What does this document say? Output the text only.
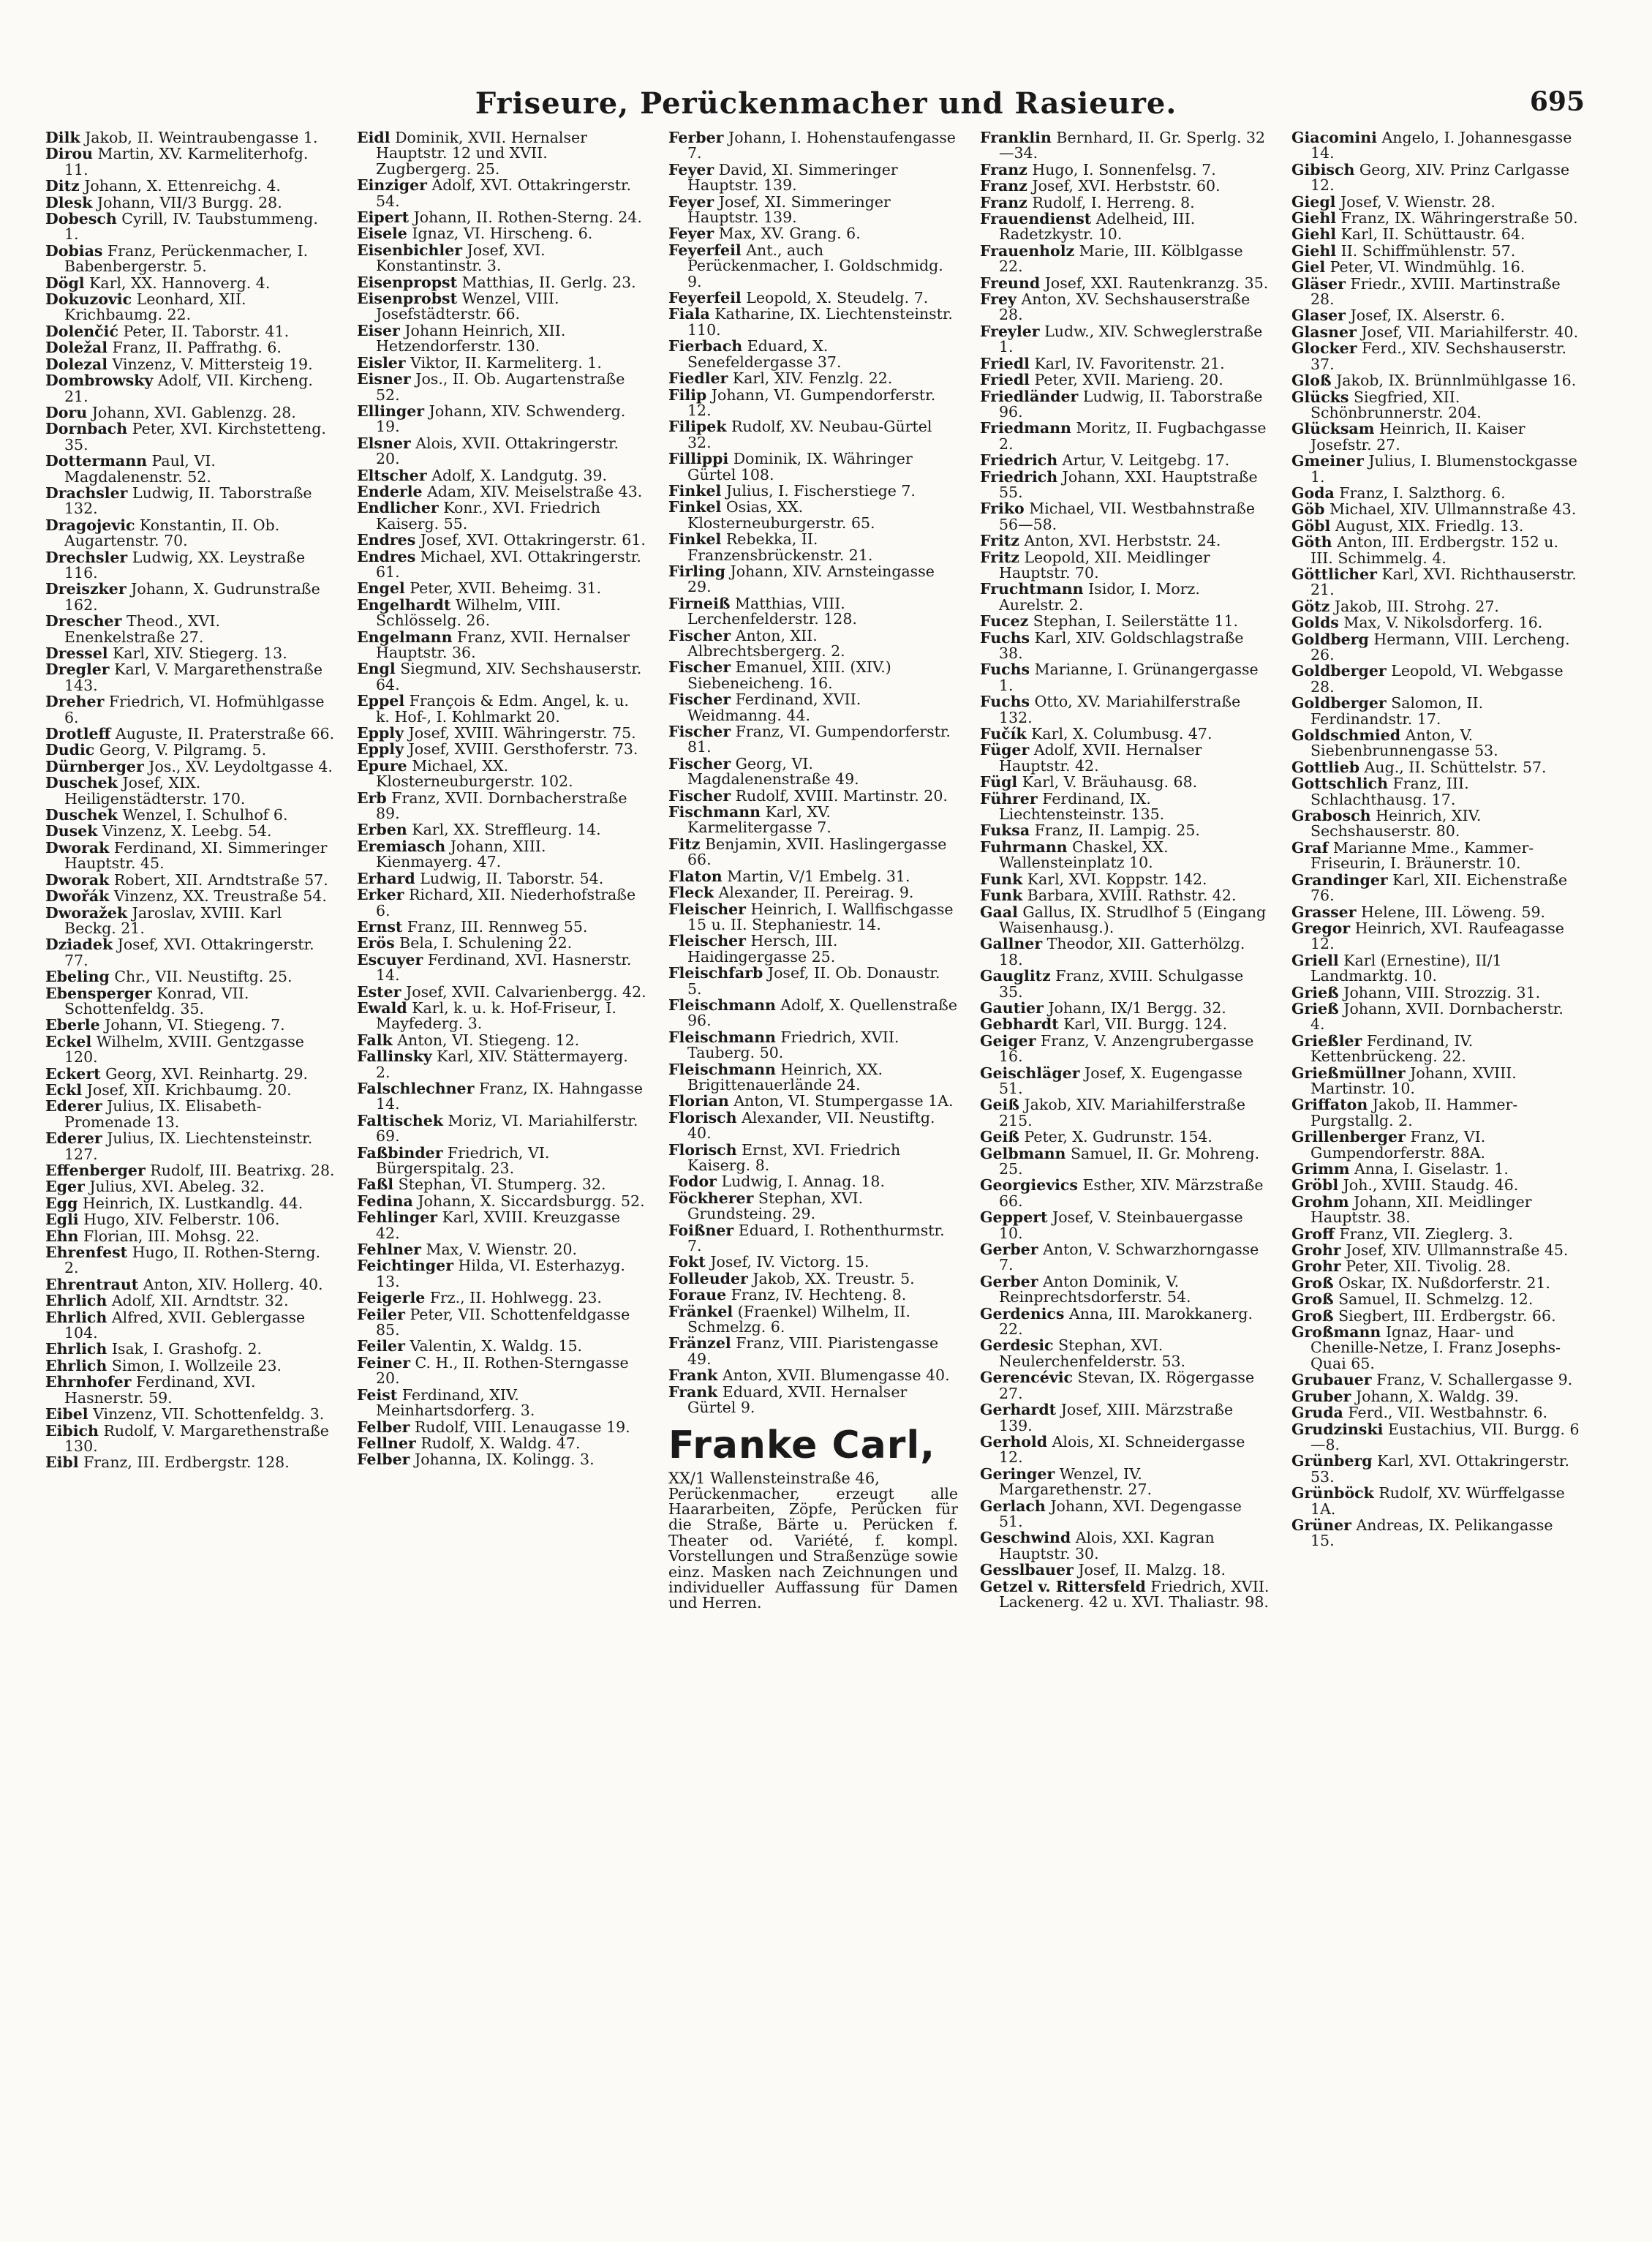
Friseure, Perückenmacher und Rasieure.	695
Dilk Jakob, II. Weintraubengasse 1.
Dirou Martin, XV. Karmeliterhofg. 11.
Ditz Johann, X. Ettenreichg. 4.
Dlesk Johann, VII/3 Burgg. 28.
Dobesch Cyrill, IV. Taubstummeng. 1.
Dobias Franz, Perückenmacher, I. Babenbergerstr. 5.
Dögl Karl, XX. Hannoverg. 4.
Dokuzovic Leonhard, XII. Krichbaumg. 22.
Dolenčić Peter, II. Taborstr. 41.
Doležal Franz, II. Paffrathg. 6.
Dolezal Vinzenz, V. Mittersteig 19.
Dombrowsky Adolf, VII. Kircheng. 21.
Doru Johann, XVI. Gablenzg. 28.
Dornbach Peter, XVI. Kirchstetteng. 35.
Dottermann Paul, VI. Magdalenenstr. 52.
Drachsler Ludwig, II. Taborstraße 132.
Dragojevic Konstantin, II. Ob. Augartenstr. 70.
Drechsler Ludwig, XX. Leystraße 116.
Dreiszker Johann, X. Gudrunstraße 162.
Drescher Theod., XVI. Enenkelstraße 27.
Dressel Karl, XIV. Stiegerg. 13.
Dregler Karl, V. Margarethenstraße 143.
Dreher Friedrich, VI. Hofmühlgasse 6.
Drotleff Auguste, II. Praterstraße 66.
Dudic Georg, V. Pilgramg. 5.
Dürnberger Jos., XV. Leydoltgasse 4.
Duschek Josef, XIX. Heiligenstädterstr. 170.
Duschek Wenzel, I. Schulhof 6.
Dusek Vinzenz, X. Leebg. 54.
Dworak Ferdinand, XI. Simmeringer Hauptstr. 45.
Dworak Robert, XII. Arndtstraße 57.
Dwořák Vinzenz, XX. Treustraße 54.
Dworažek Jaroslav, XVIII. Karl Beckg. 21.
Dziadek Josef, XVI. Ottakringerstr. 77.
Ebeling Chr., VII. Neustiftg. 25.
Ebensperger Konrad, VII. Schottenfeldg. 35.
Eberle Johann, VI. Stiegeng. 7.
Eckel Wilhelm, XVIII. Gentzgasse 120.
Eckert Georg, XVI. Reinhartg. 29.
Eckl Josef, XII. Krichbaumg. 20.
Ederer Julius, IX. Elisabeth-Promenade 13.
Ederer Julius, IX. Liechtensteinstr. 127.
Effenberger Rudolf, III. Beatrixg. 28.
Eger Julius, XVI. Abeleg. 32.
Egg Heinrich, IX. Lustkandlg. 44.
Egli Hugo, XIV. Felberstr. 106.
Ehn Florian, III. Mohsg. 22.
Ehrenfest Hugo, II. Rothen-Sterng. 2.
Ehrentraut Anton, XIV. Hollerg. 40.
Ehrlich Adolf, XII. Arndtstr. 32.
Ehrlich Alfred, XVII. Geblergasse 104.
Ehrlich Isak, I. Grashofg. 2.
Ehrlich Simon, I. Wollzeile 23.
Ehrnhofer Ferdinand, XVI. Hasnerstr. 59.
Eibel Vinzenz, VII. Schottenfeldg. 3.
Eibich Rudolf, V. Margarethenstraße 130.
Eibl Franz, III. Erdbergstr. 128.
Eidl Dominik, XVII. Hernalser Hauptstr. 12 und XVII. Zugbergerg. 25.
Einziger Adolf, XVI. Ottakringerstr. 54.
Eipert Johann, II. Rothen-Sterng. 24.
Eisele Ignaz, VI. Hirscheng. 6.
Eisenbichler Josef, XVI. Konstantinstr. 3.
Eisenpropst Matthias, II. Gerlg. 23.
Eisenprobst Wenzel, VIII. Josefstädterstr. 66.
Eiser Johann Heinrich, XII. Hetzendorferstr. 130.
Eisler Viktor, II. Karmeliterg. 1.
Eisner Jos., II. Ob. Augartenstraße 52.
Ellinger Johann, XIV. Schwenderg. 19.
Elsner Alois, XVII. Ottakringerstr. 20.
Eltscher Adolf, X. Landgutg. 39.
Enderle Adam, XIV. Meiselstraße 43.
Endlicher Konr., XVI. Friedrich Kaiserg. 55.
Endres Josef, XVI. Ottakringerstr. 61.
Endres Michael, XVI. Ottakringerstr. 61.
Engel Peter, XVII. Beheimg. 31.
Engelhardt Wilhelm, VIII. Schlösselg. 26.
Engelmann Franz, XVII. Hernalser Hauptstr. 36.
Engl Siegmund, XIV. Sechshauserstr. 64.
Eppel François & Edm. Angel, k. u. k. Hof-, I. Kohlmarkt 20.
Epply Josef, XVIII. Währingerstr. 75.
Epply Josef, XVIII. Gersthoferstr. 73.
Epure Michael, XX. Klosterneuburgerstr. 102.
Erb Franz, XVII. Dornbacherstraße 89.
Erben Karl, XX. Streffleurg. 14.
Eremiasch Johann, XIII. Kienmayerg. 47.
Erhard Ludwig, II. Taborstr. 54.
Erker Richard, XII. Niederhofstraße 6.
Ernst Franz, III. Rennweg 55.
Erös Bela, I. Schulening 22.
Escuyer Ferdinand, XVI. Hasnerstr. 14.
Ester Josef, XVII. Calvarienbergg. 42.
Ewald Karl, k. u. k. Hof-Friseur, I. Mayfederg. 3.
Falk Anton, VI. Stiegeng. 12.
Fallinsky Karl, XIV. Stättermayerg. 2.
Falschlechner Franz, IX. Hahngasse 14.
Faltischek Moriz, VI. Mariahilferstr. 69.
Faßbinder Friedrich, VI. Bürgerspitalg. 23.
Faßl Stephan, VI. Stumperg. 32.
Fedina Johann, X. Siccardsburgg. 52.
Fehlinger Karl, XVIII. Kreuzgasse 42.
Fehlner Max, V. Wienstr. 20.
Feichtinger Hilda, VI. Esterhazyg. 13.
Feigerle Frz., II. Hohlwegg. 23.
Feiler Peter, VII. Schottenfeldgasse 85.
Feiler Valentin, X. Waldg. 15.
Feiner C. H., II. Rothen-Sterngasse 20.
Feist Ferdinand, XIV. Meinhartsdorferg. 3.
Felber Rudolf, VIII. Lenaugasse 19.
Fellner Rudolf, X. Waldg. 47.
Felber Johanna, IX. Kolingg. 3.
Ferber Johann, I. Hohenstaufengasse 7.
Feyer David, XI. Simmeringer Hauptstr. 139.
Feyer Josef, XI. Simmeringer Hauptstr. 139.
Feyer Max, XV. Grang. 6.
Feyerfeil Ant., auch Perückenmacher, I. Goldschmidg. 9.
Feyerfeil Leopold, X. Steudelg. 7.
Fiala Katharine, IX. Liechtensteinstr. 110.
Fierbach Eduard, X. Senefeldergasse 37.
Fiedler Karl, XIV. Fenzlg. 22.
Filip Johann, VI. Gumpendorferstr. 12.
Filipek Rudolf, XV. Neubau-Gürtel 32.
Fillippi Dominik, IX. Währinger Gürtel 108.
Finkel Julius, I. Fischerstiege 7.
Finkel Osias, XX. Klosterneuburgerstr. 65.
Finkel Rebekka, II. Franzensbrückenstr. 21.
Firling Johann, XIV. Arnsteingasse 29.
Firneiß Matthias, VIII. Lerchenfelderstr. 128.
Fischer Anton, XII. Albrechtsbergerg. 2.
Fischer Emanuel, XIII. (XIV.) Siebeneicheng. 16.
Fischer Ferdinand, XVII. Weidmanng. 44.
Fischer Franz, VI. Gumpendorferstr. 81.
Fischer Georg, VI. Magdalenenstraße 49.
Fischer Rudolf, XVIII. Martinstr. 20.
Fischmann Karl, XV. Karmelitergasse 7.
Fitz Benjamin, XVII. Haslingergasse 66.
Flaton Martin, V/1 Embelg. 31.
Fleck Alexander, II. Pereirag. 9.
Fleischer Heinrich, I. Wallfischgasse 15 u. II. Stephaniestr. 14.
Fleischer Hersch, III. Haidingergasse 25.
Fleischfarb Josef, II. Ob. Donaustr. 5.
Fleischmann Adolf, X. Quellenstraße 96.
Fleischmann Friedrich, XVII. Tauberg. 50.
Fleischmann Heinrich, XX. Brigittenauerlände 24.
Florian Anton, VI. Stumpergasse 1A.
Florisch Alexander, VII. Neustiftg. 40.
Florisch Ernst, XVI. Friedrich Kaiserg. 8.
Fodor Ludwig, I. Annag. 18.
Föckherer Stephan, XVI. Grundsteing. 29.
Foißner Eduard, I. Rothenthurmstr. 7.
Fokt Josef, IV. Victorg. 15.
Folleuder Jakob, XX. Treustr. 5.
Foraue Franz, IV. Hechteng. 8.
Fränkel (Fraenkel) Wilhelm, II. Schmelzg. 6.
Fränzel Franz, VIII. Piaristengasse 49.
Frank Anton, XVII. Blumengasse 40.
Frank Eduard, XVII. Hernalser Gürtel 9.
Franke Carl,
XX/1 Wallensteinstraße 46,
Perückenmacher, erzeugt alle Haararbeiten, Zöpfe, Perücken für die Straße, Bärte u. Perücken f. Theater od. Variété, f. kompl. Vorstellungen und Straßenzüge sowie einz. Masken nach Zeichnungen und individueller Auffassung für Damen und Herren.
Franklin Bernhard, II. Gr. Sperlg. 32—34.
Franz Hugo, I. Sonnenfelsg. 7.
Franz Josef, XVI. Herbststr. 60.
Franz Rudolf, I. Herreng. 8.
Frauendienst Adelheid, III. Radetzkystr. 10.
Frauenholz Marie, III. Kölblgasse 22.
Freund Josef, XXI. Rautenkranzg. 35.
Frey Anton, XV. Sechshauserstraße 28.
Freyler Ludw., XIV. Schweglerstraße 1.
Friedl Karl, IV. Favoritenstr. 21.
Friedl Peter, XVII. Marieng. 20.
Friedländer Ludwig, II. Taborstraße 96.
Friedmann Moritz, II. Fugbachgasse 2.
Friedrich Artur, V. Leitgebg. 17.
Friedrich Johann, XXI. Hauptstraße 55.
Friko Michael, VII. Westbahnstraße 56—58.
Fritz Anton, XVI. Herbststr. 24.
Fritz Leopold, XII. Meidlinger Hauptstr. 70.
Fruchtmann Isidor, I. Morz. Aurelstr. 2.
Fucez Stephan, I. Seilerstätte 11.
Fuchs Karl, XIV. Goldschlagstraße 38.
Fuchs Marianne, I. Grünangergasse 1.
Fuchs Otto, XV. Mariahilferstraße 132.
Fučík Karl, X. Columbusg. 47.
Füger Adolf, XVII. Hernalser Hauptstr. 42.
Fügl Karl, V. Bräuhausg. 68.
Führer Ferdinand, IX. Liechtensteinstr. 135.
Fuksa Franz, II. Lampig. 25.
Fuhrmann Chaskel, XX. Wallensteinplatz 10.
Funk Karl, XVI. Koppstr. 142.
Funk Barbara, XVIII. Rathstr. 42.
Gaal Gallus, IX. Strudlhof 5 (Eingang Waisenhausg.).
Gallner Theodor, XII. Gatterhölzg. 18.
Gauglitz Franz, XVIII. Schulgasse 35.
Gautier Johann, IX/1 Bergg. 32.
Gebhardt Karl, VII. Burgg. 124.
Geiger Franz, V. Anzengrubergasse 16.
Geischläger Josef, X. Eugengasse 51.
Geiß Jakob, XIV. Mariahilferstraße 215.
Geiß Peter, X. Gudrunstr. 154.
Gelbmann Samuel, II. Gr. Mohreng. 25.
Georgievics Esther, XIV. Märzstraße 66.
Geppert Josef, V. Steinbauergasse 10.
Gerber Anton, V. Schwarzhorngasse 7.
Gerber Anton Dominik, V. Reinprechtsdorferstr. 54.
Gerdenics Anna, III. Marokkanerg. 22.
Gerdesic Stephan, XVI. Neulerchenfelderstr. 53.
Gerencévic Stevan, IX. Rögergasse 27.
Gerhardt Josef, XIII. Märzstraße 139.
Gerhold Alois, XI. Schneidergasse 12.
Geringer Wenzel, IV. Margarethenstr. 27.
Gerlach Johann, XVI. Degengasse 51.
Geschwind Alois, XXI. Kagran Hauptstr. 30.
Gesslbauer Josef, II. Malzg. 18.
Getzel v. Rittersfeld Friedrich, XVII. Lackenerg. 42 u. XVI. Thaliastr. 98.
Giacomini Angelo, I. Johannesgasse 14.
Gibisch Georg, XIV. Prinz Carlgasse 12.
Giegl Josef, V. Wienstr. 28.
Giehl Franz, IX. Währingerstraße 50.
Giehl Karl, II. Schüttaustr. 64.
Giehl II. Schiffmühlenstr. 57.
Giel Peter, VI. Windmühlg. 16.
Gläser Friedr., XVIII. Martinstraße 28.
Glaser Josef, IX. Alserstr. 6.
Glasner Josef, VII. Mariahilferstr. 40.
Glocker Ferd., XIV. Sechshauserstr. 37.
Gloß Jakob, IX. Brünnlmühlgasse 16.
Glücks Siegfried, XII. Schönbrunnerstr. 204.
Glücksam Heinrich, II. Kaiser Josefstr. 27.
Gmeiner Julius, I. Blumenstockgasse 1.
Goda Franz, I. Salzthorg. 6.
Göb Michael, XIV. Ullmannstraße 43.
Göbl August, XIX. Friedlg. 13.
Göth Anton, III. Erdbergstr. 152 u. III. Schimmelg. 4.
Göttlicher Karl, XVI. Richthauserstr. 21.
Götz Jakob, III. Strohg. 27.
Golds Max, V. Nikolsdorferg. 16.
Goldberg Hermann, VIII. Lercheng. 26.
Goldberger Leopold, VI. Webgasse 28.
Goldberger Salomon, II. Ferdinandstr. 17.
Goldschmied Anton, V. Siebenbrunnengasse 53.
Gottlieb Aug., II. Schüttelstr. 57.
Gottschlich Franz, III. Schlachthausg. 17.
Grabosch Heinrich, XIV. Sechshauserstr. 80.
Graf Marianne Mme., Kammer-Friseurin, I. Bräunerstr. 10.
Grandinger Karl, XII. Eichenstraße 76.
Grasser Helene, III. Löweng. 59.
Gregor Heinrich, XVI. Raufeagasse 12.
Griell Karl (Ernestine), II/1 Landmarktg. 10.
Grieß Johann, VIII. Strozzig. 31.
Grieß Johann, XVII. Dornbacherstr. 4.
Grießler Ferdinand, IV. Kettenbrückeng. 22.
Grießmüllner Johann, XVIII. Martinstr. 10.
Griffaton Jakob, II. Hammer-Purgstallg. 2.
Grillenberger Franz, VI. Gumpendorferstr. 88A.
Grimm Anna, I. Giselastr. 1.
Gröbl Joh., XVIII. Staudg. 46.
Grohm Johann, XII. Meidlinger Hauptstr. 38.
Groff Franz, VII. Zieglerg. 3.
Grohr Josef, XIV. Ullmannstraße 45.
Grohr Peter, XII. Tivolig. 28.
Groß Oskar, IX. Nußdorferstr. 21.
Groß Samuel, II. Schmelzg. 12.
Groß Siegbert, III. Erdbergstr. 66.
Großmann Ignaz, Haar- und Chenille-Netze, I. Franz Josephs-Quai 65.
Grubauer Franz, V. Schallergasse 9.
Gruber Johann, X. Waldg. 39.
Gruda Ferd., VII. Westbahnstr. 6.
Grudzinski Eustachius, VII. Burgg. 6—8.
Grünberg Karl, XVI. Ottakringerstr. 53.
Grünböck Rudolf, XV. Würffelgasse 1A.
Grüner Andreas, IX. Pelikangasse 15.
